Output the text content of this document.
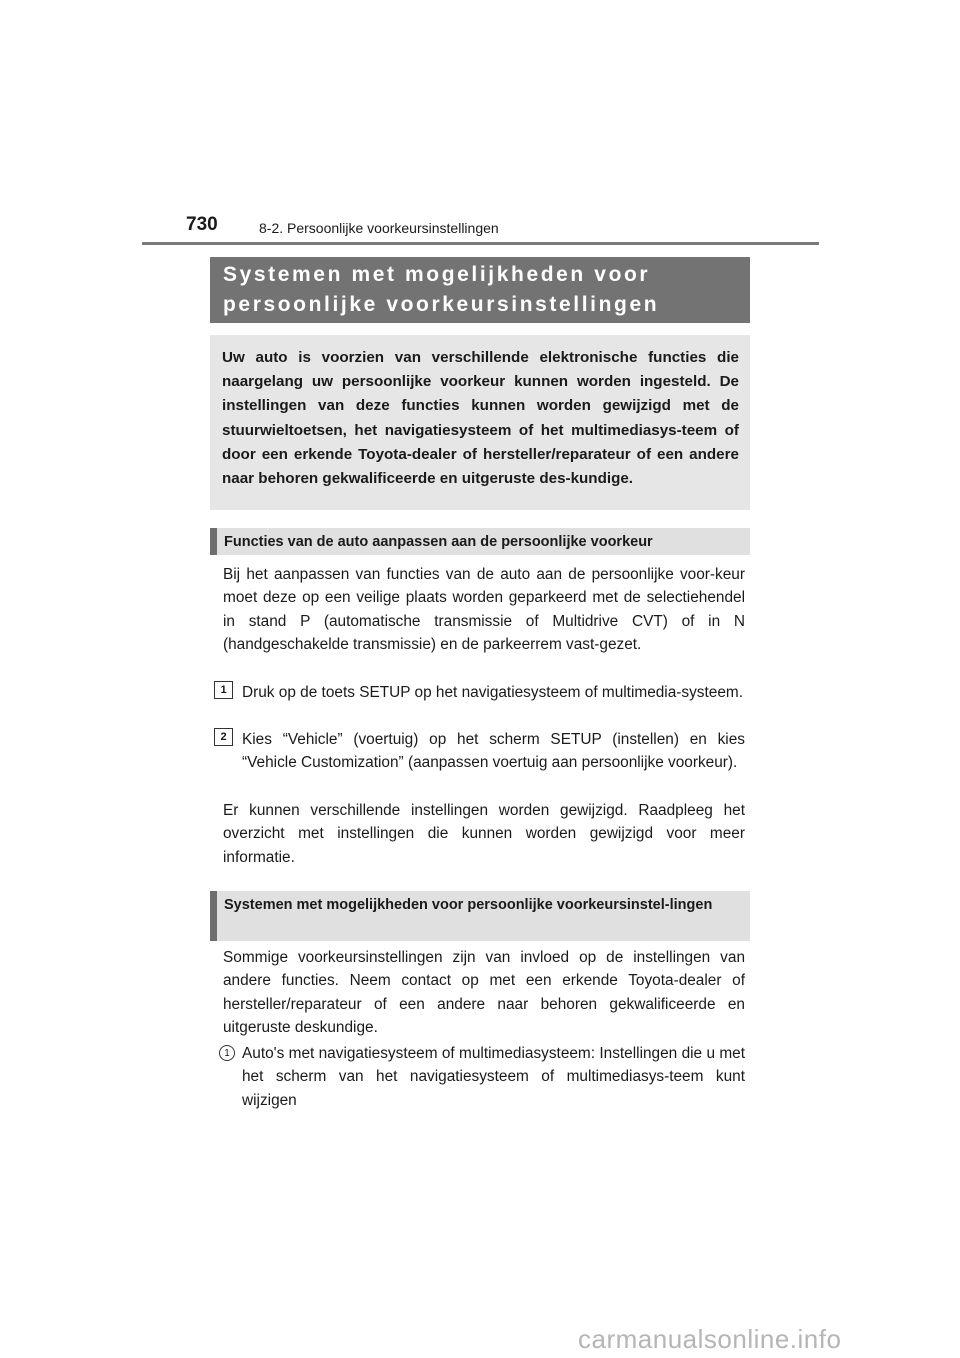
730	8-2. Persoonlijke voorkeursinstellingen
Systemen met mogelijkheden voor
persoonlijke voorkeursinstellingen
Uw auto is voorzien van verschillende elektronische functies die naargelang uw persoonlijke voorkeur kunnen worden ingesteld. De instellingen van deze functies kunnen worden gewijzigd met de stuurwieltoetsen, het navigatiesysteem of het multimediasys-teem of door een erkende Toyota-dealer of hersteller/reparateur of een andere naar behoren gekwalificeerde en uitgeruste des-kundige.
Functies van de auto aanpassen aan de persoonlijke voorkeur
Bij het aanpassen van functies van de auto aan de persoonlijke voor-keur moet deze op een veilige plaats worden geparkeerd met de selectiehendel in stand P (automatische transmissie of Multidrive CVT) of in N (handgeschakelde transmissie) en de parkeerrem vast-gezet.
1	Druk op de toets SETUP op het navigatiesysteem of multimedia-systeem.
2	Kies “Vehicle” (voertuig) op het scherm SETUP (instellen) en kies “Vehicle Customization” (aanpassen voertuig aan persoonlijke voorkeur).
Er kunnen verschillende instellingen worden gewijzigd. Raadpleeg het overzicht met instellingen die kunnen worden gewijzigd voor meer informatie.
Systemen met mogelijkheden voor persoonlijke voorkeursinstel-lingen
Sommige voorkeursinstellingen zijn van invloed op de instellingen van andere functies. Neem contact op met een erkende Toyota-dealer of hersteller/reparateur of een andere naar behoren gekwalificeerde en uitgeruste deskundige.
1 Auto's met navigatiesysteem of multimediasysteem: Instellingen die u met het scherm van het navigatiesysteem of multimediasys-teem kunt wijzigen
carmanualsonline.info
